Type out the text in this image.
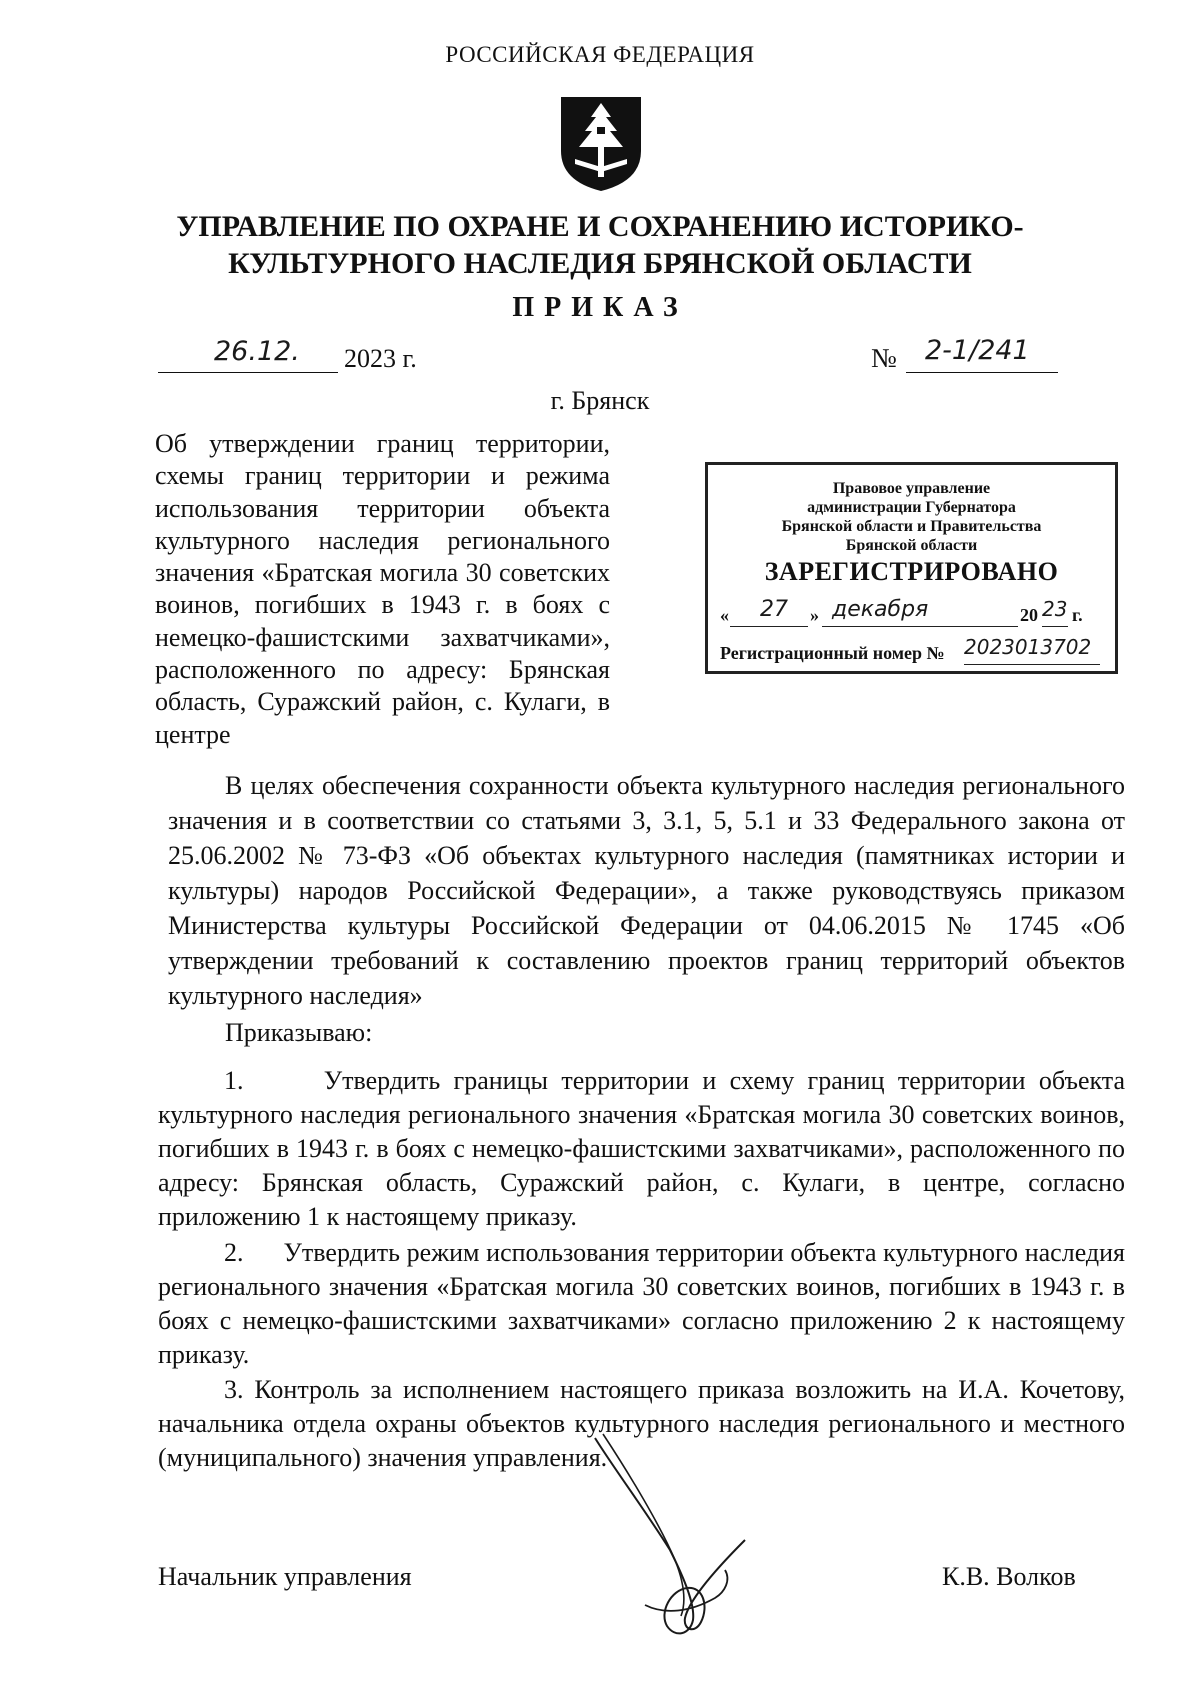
РОССИЙСКАЯ ФЕДЕРАЦИЯ
УПРАВЛЕНИЕ ПО ОХРАНЕ И СОХРАНЕНИЮ ИСТОРИКО-
КУЛЬТУРНОГО НАСЛЕДИЯ БРЯНСКОЙ ОБЛАСТИ
ПРИКАЗ
26.12. 2023 г.	№ 2-1/241
г. Брянск
Об утверждении границ территории, схемы границ территории и режима использования территории объекта культурного наследия регионального значения «Братская могила 30 советских воинов, погибших в 1943 г. в боях с немецко-фашистскими захватчиками», расположенного по адресу: Брянская область, Суражский район, с. Кулаги, в центре
Правовое управление
администрации Губернатора
Брянской области и Правительства
Брянской области
ЗАРЕГИСТРИРОВАНО
« 27 » декабря	20 23 г.
Регистрационный номер № 2023013702
В целях обеспечения сохранности объекта культурного наследия регионального значения и в соответствии со статьями 3, 3.1, 5, 5.1 и 33 Федерального закона от 25.06.2002 № 73-ФЗ «Об объектах культурного наследия (памятниках истории и культуры) народов Российской Федерации», а также руководствуясь приказом Министерства культуры Российской Федерации от 04.06.2015 № 1745 «Об утверждении требований к составлению проектов границ территорий объектов культурного наследия»
Приказываю:
1.      Утвердить границы территории и схему границ территории объекта культурного наследия регионального значения «Братская могила 30 советских воинов, погибших в 1943 г. в боях с немецко-фашистскими захватчиками», расположенного по адресу: Брянская область, Суражский район, с. Кулаги, в центре, согласно приложению 1 к настоящему приказу.
2.      Утвердить режим использования территории объекта культурного наследия регионального значения «Братская могила 30 советских воинов, погибших в 1943 г. в боях с немецко-фашистскими захватчиками» согласно приложению 2 к настоящему приказу.
3. Контроль за исполнением настоящего приказа возложить на И.А. Кочетову, начальника отдела охраны объектов культурного наследия регионального и местного (муниципального) значения управления.
Начальник управления	К.В. Волков
